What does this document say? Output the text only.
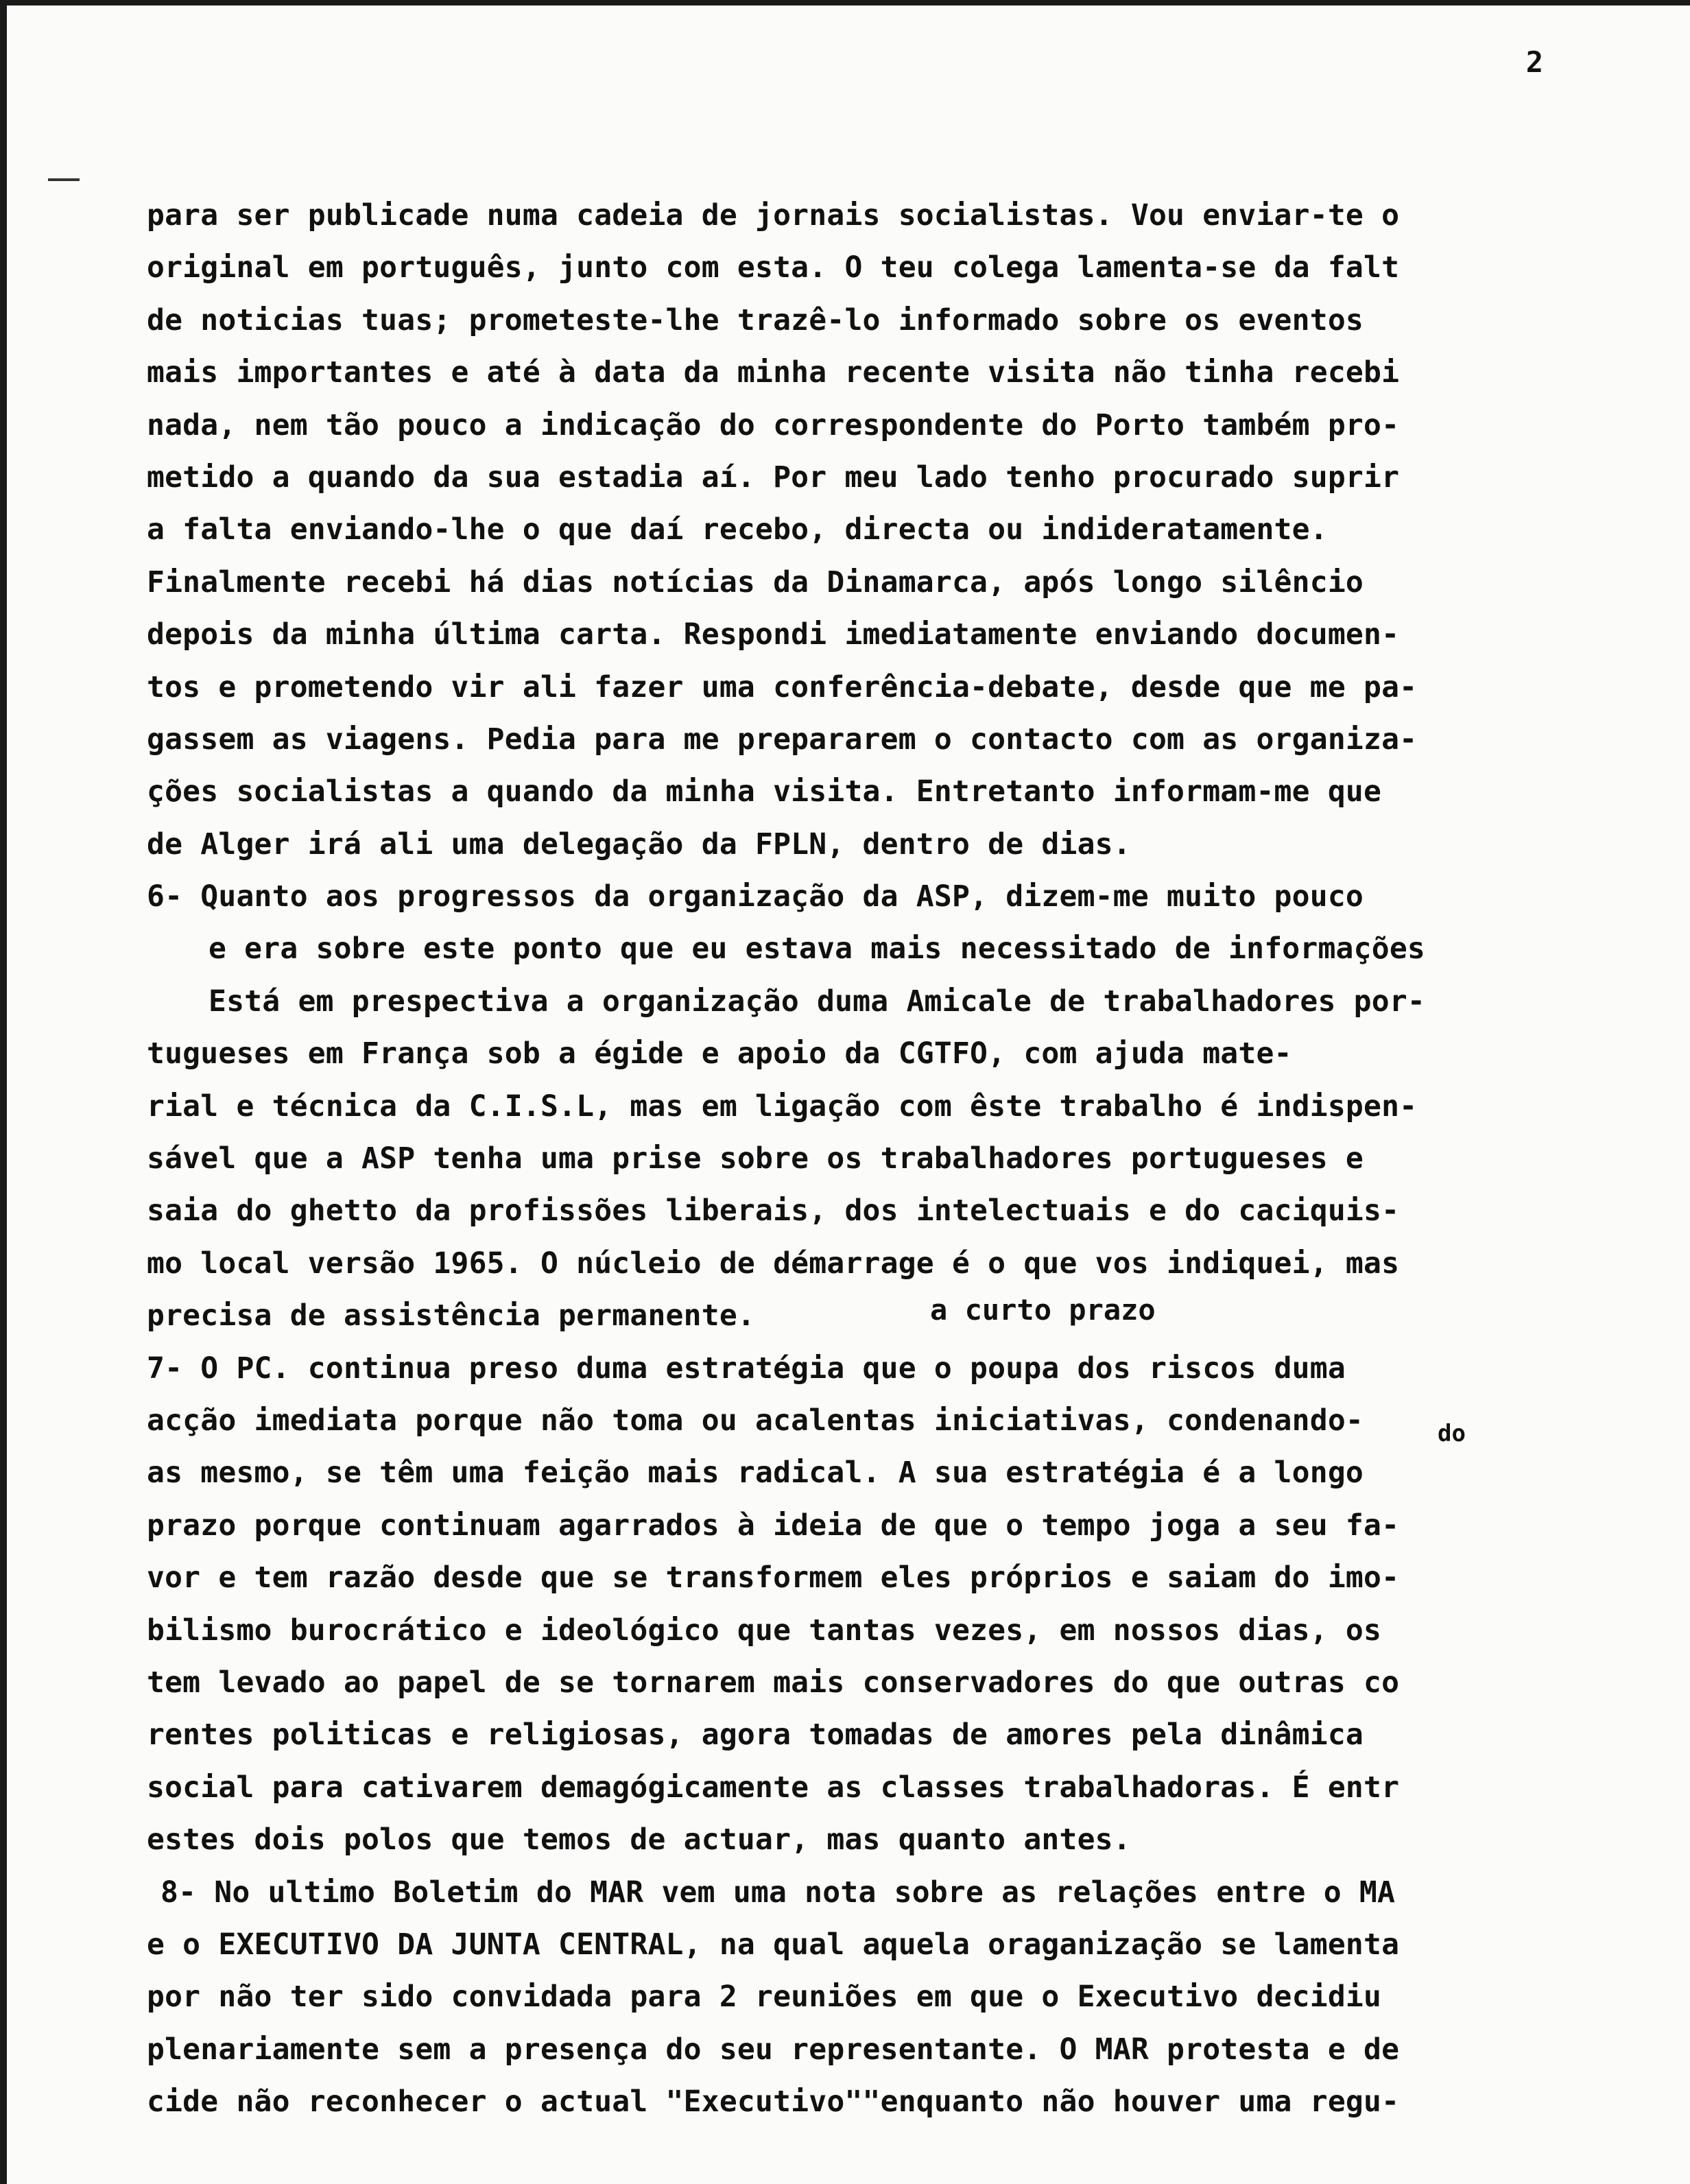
2
para ser publicade numa cadeia de jornais socialistas. Vou enviar-te o
original em português, junto com esta. O teu colega lamenta-se da falt
de noticias tuas; prometeste-lhe trazê-lo informado sobre os eventos
mais importantes e até à data da minha recente visita não tinha recebi
nada, nem tão pouco a indicação do correspondente do Porto também pro-
metido a quando da sua estadia aí. Por meu lado tenho procurado suprir
a falta enviando-lhe o que daí recebo, directa ou indideratamente.
Finalmente recebi há dias notícias da Dinamarca, após longo silêncio
depois da minha última carta. Respondi imediatamente enviando documen-
tos e prometendo vir ali fazer uma conferência-debate, desde que me pa-
gassem as viagens. Pedia para me prepararem o contacto com as organiza-
ções socialistas a quando da minha visita. Entretanto informam-me que
de Alger irá ali uma delegação da FPLN, dentro de dias.
6- Quanto aos progressos da organização da ASP, dizem-me muito pouco
e era sobre este ponto que eu estava mais necessitado de informações
Está em prespectiva a organização duma Amicale de trabalhadores por-
tugueses em França sob a égide e apoio da CGTFO, com ajuda mate-
rial e técnica da C.I.S.L, mas em ligação com êste trabalho é indispen-
sável que a ASP tenha uma prise sobre os trabalhadores portugueses e
saia do ghetto da profissões liberais, dos intelectuais e do caciquis-
mo local versão 1965. O núcleio de démarrage é o que vos indiquei, mas
precisa de assistência permanente.
7- O PC. continua preso duma estratégia que o poupa dos riscos duma
acção imediata porque não toma ou acalentas iniciativas, condenando-
as mesmo, se têm uma feição mais radical. A sua estratégia é a longo
prazo porque continuam agarrados à ideia de que o tempo joga a seu fa-
vor e tem razão desde que se transformem eles próprios e saiam do imo-
bilismo burocrático e ideológico que tantas vezes, em nossos dias, os
tem levado ao papel de se tornarem mais conservadores do que outras co
rentes politicas e religiosas, agora tomadas de amores pela dinâmica
social para cativarem demagógicamente as classes trabalhadoras. É entr
estes dois polos que temos de actuar, mas quanto antes.
8- No ultimo Boletim do MAR vem uma nota sobre as relações entre o MA
e o EXECUTIVO DA JUNTA CENTRAL, na qual aquela oraganização se lamenta
por não ter sido convidada para 2 reuniões em que o Executivo decidiu
plenariamente sem a presença do seu representante. O MAR protesta e de
cide não reconhecer o actual "Executivo""enquanto não houver uma regu-
a curto prazo
do
